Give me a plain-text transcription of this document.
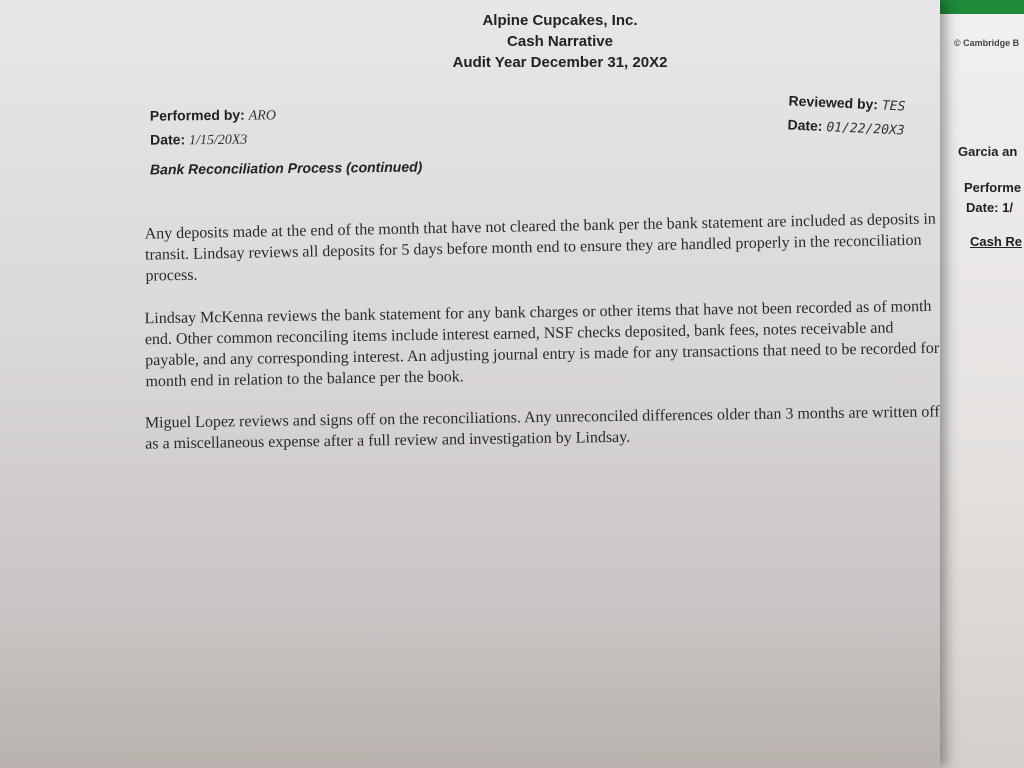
© Cambridge B
Garcia an
Performe
Date: 1/
Cash Re
Alpine Cupcakes, Inc.
Cash Narrative
Audit Year December 31, 20X2
Performed by: ARO
Date: 1/15/20X3
Reviewed by: TES
Date: 01/22/20X3
Bank Reconciliation Process (continued)

Any deposits made at the end of the month that have not cleared the bank per the bank statement are included as deposits in transit. Lindsay reviews all deposits for 5 days before month end to ensure they are handled properly in the reconciliation process.

Lindsay McKenna reviews the bank statement for any bank charges or other items that have not been recorded as of month end. Other common reconciling items include interest earned, NSF checks deposited, bank fees, notes receivable and payable, and any corresponding interest. An adjusting journal entry is made for any transactions that need to be recorded for month end in relation to the balance per the book.

Miguel Lopez reviews and signs off on the reconciliations. Any unreconciled differences older than 3 months are written off as a miscellaneous expense after a full review and investigation by Lindsay.
